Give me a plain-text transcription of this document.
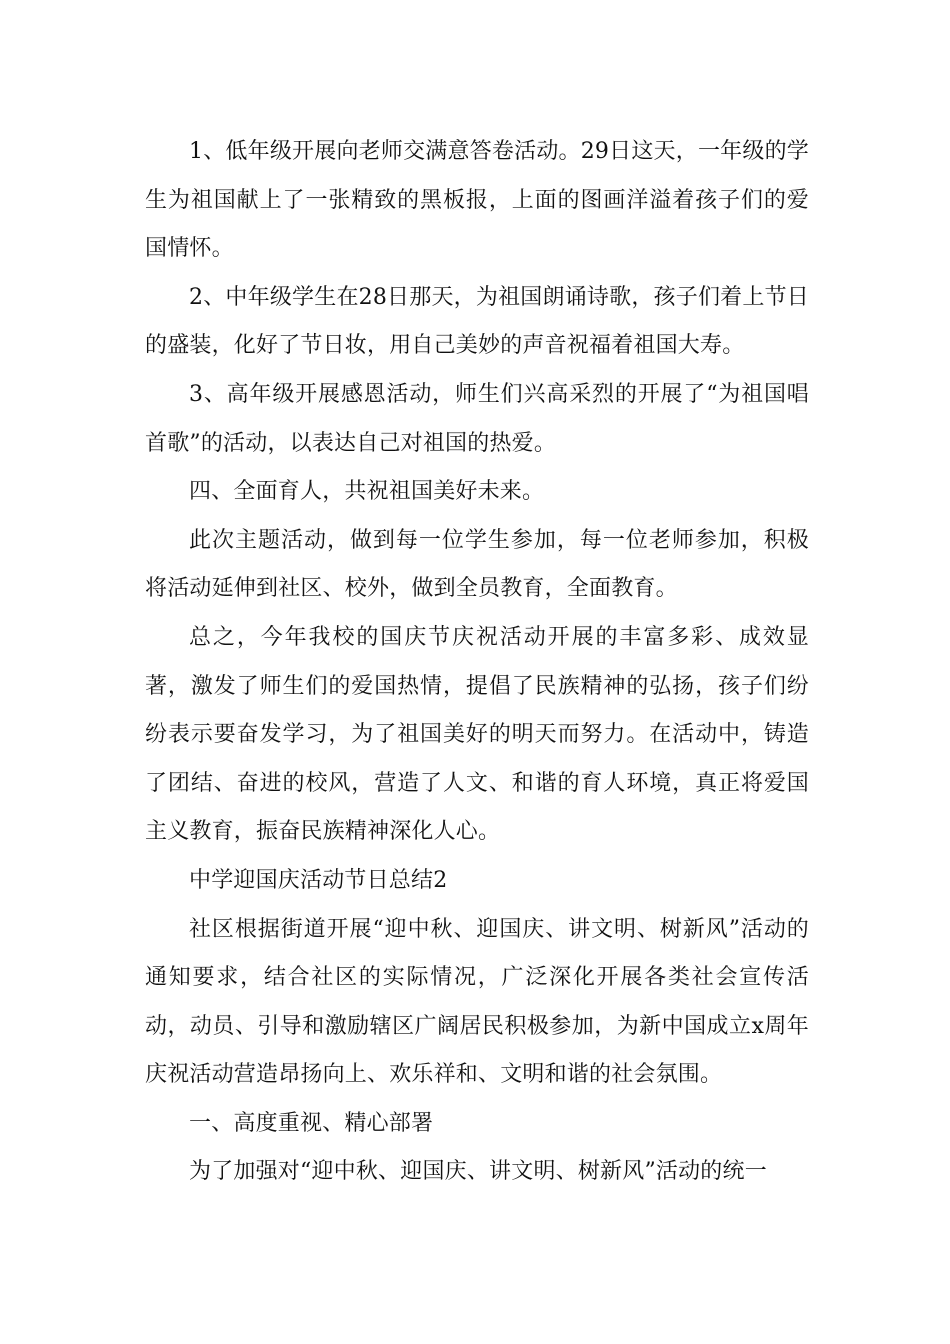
1、低年级开展向老师交满意答卷活动。29日这天，一年级的学生为祖国献上了一张精致的黑板报，上面的图画洋溢着孩子们的爱国情怀。

2、中年级学生在28日那天，为祖国朗诵诗歌，孩子们着上节日的盛装，化好了节日妆，用自己美妙的声音祝福着祖国大寿。

3、高年级开展感恩活动，师生们兴高采烈的开展了“为祖国唱首歌”的活动，以表达自己对祖国的热爱。

四、全面育人，共祝祖国美好未来。

此次主题活动，做到每一位学生参加，每一位老师参加，积极将活动延伸到社区、校外，做到全员教育，全面教育。

总之，今年我校的国庆节庆祝活动开展的丰富多彩、成效显著，激发了师生们的爱国热情，提倡了民族精神的弘扬，孩子们纷纷表示要奋发学习，为了祖国美好的明天而努力。在活动中，铸造了团结、奋进的校风，营造了人文、和谐的育人环境，真正将爱国主义教育，振奋民族精神深化人心。

中学迎国庆活动节日总结2

社区根据街道开展“迎中秋、迎国庆、讲文明、树新风”活动的通知要求，结合社区的实际情况，广泛深化开展各类社会宣传活动，动员、引导和激励辖区广阔居民积极参加，为新中国成立x周年庆祝活动营造昂扬向上、欢乐祥和、文明和谐的社会氛围。

一、高度重视、精心部署

为了加强对“迎中秋、迎国庆、讲文明、树新风”活动的统一
